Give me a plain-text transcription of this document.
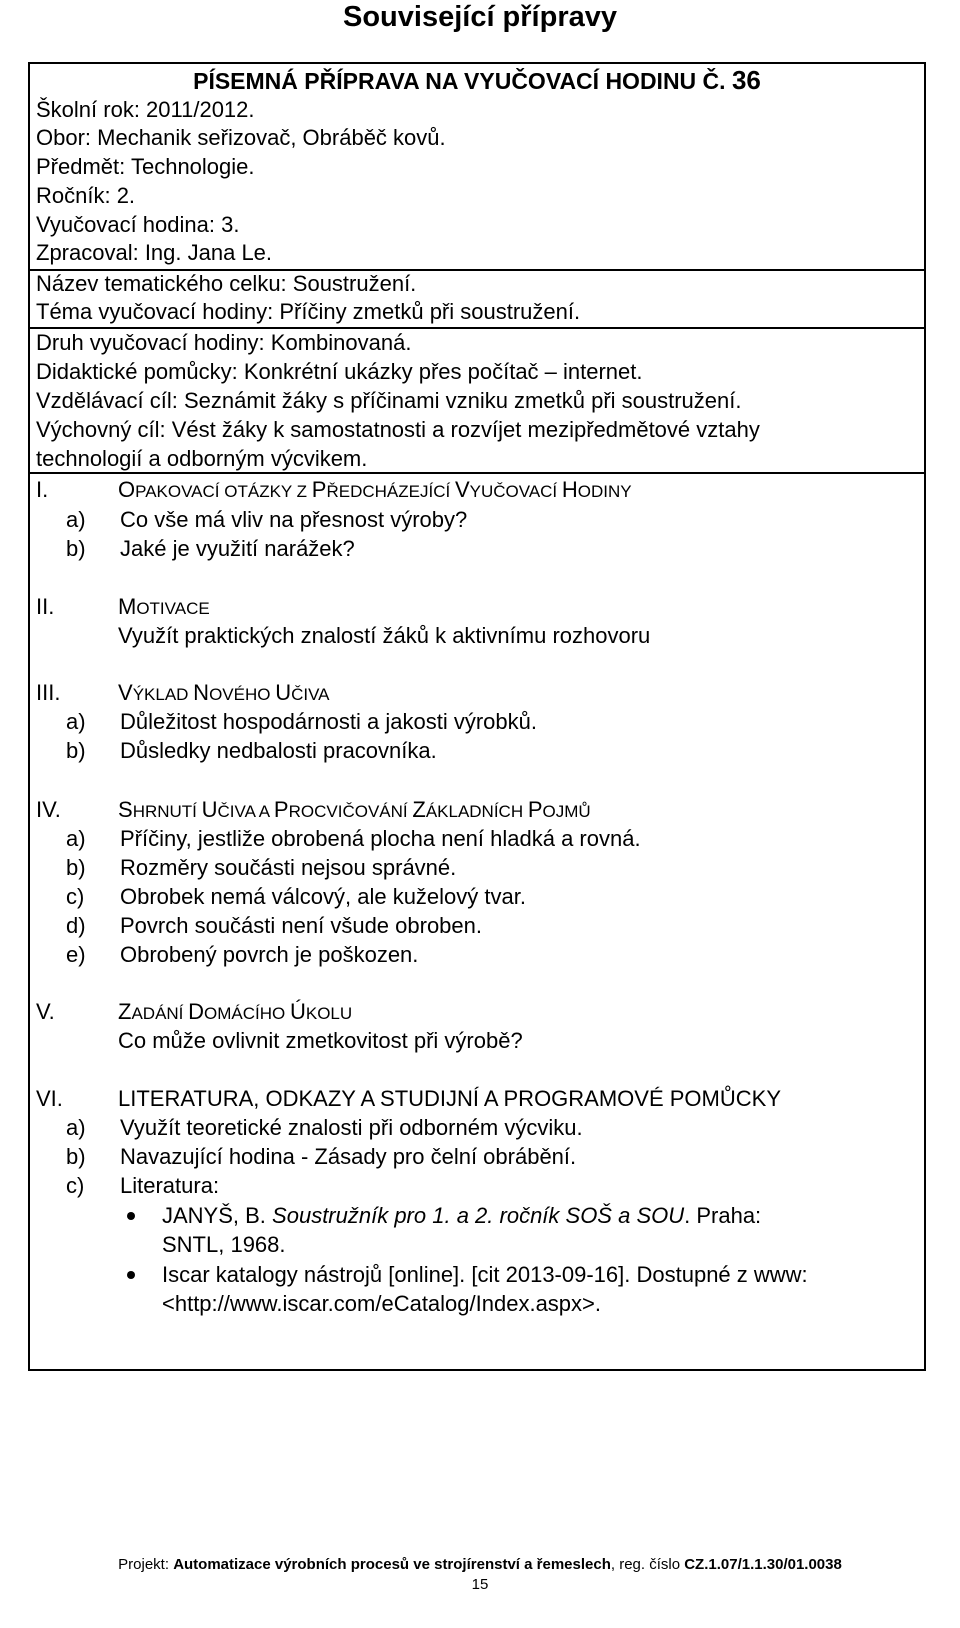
Související přípravy
PÍSEMNÁ PŘÍPRAVA NA VYUČOVACÍ HODINU Č. 36
Školní rok: 2011/2012.
Obor: Mechanik seřizovač, Obráběč kovů.
Předmět: Technologie.
Ročník: 2.
Vyučovací hodina: 3.
Zpracoval: Ing. Jana Le.
Název tematického celku: Soustružení.
Téma vyučovací hodiny: Příčiny zmetků při soustružení.
Druh vyučovací hodiny: Kombinovaná.
Didaktické pomůcky: Konkrétní ukázky přes počítač – internet.
Vzdělávací cíl: Seznámit žáky s příčinami vzniku zmetků při soustružení.
Výchovný cíl: Vést žáky k samostatnosti a rozvíjet mezipředmětové vztahy
technologií a odborným výcvikem.
I.	OPAKOVACÍ OTÁZKY Z PŘEDCHÁZEJÍCÍ VYUČOVACÍ HODINY
a) Co vše má vliv na přesnost výroby?
b) Jaké je využití narážek?
II.	MOTIVACE
Využít praktických znalostí žáků k aktivnímu rozhovoru
III.	VÝKLAD NOVÉHO UČIVA
a) Důležitost hospodárnosti a jakosti výrobků.
b) Důsledky nedbalosti pracovníka.
IV.	SHRNUTÍ UČIVA A PROCVIČOVÁNÍ ZÁKLADNÍCH POJMŮ
a) Příčiny, jestliže obrobená plocha není hladká a rovná.
b) Rozměry součásti nejsou správné.
c) Obrobek nemá válcový, ale kuželový tvar.
d) Povrch součásti není všude obroben.
e) Obrobený povrch je poškozen.
V.	ZADÁNÍ DOMÁCÍHO ÚKOLU
Co může ovlivnit zmetkovitost při výrobě?
VI.	LITERATURA, ODKAZY A STUDIJNÍ A PROGRAMOVÉ POMŮCKY
a) Využít teoretické znalosti při odborném výcviku.
b) Navazující hodina - Zásady pro čelní obrábění.
c) Literatura:
JANYŠ, B. Soustružník pro 1. a 2. ročník SOŠ a SOU. Praha:
SNTL, 1968.
Iscar katalogy nástrojů [online]. [cit 2013-09-16]. Dostupné z www:
<http://www.iscar.com/eCatalog/Index.aspx>.
Projekt: Automatizace výrobních procesů ve strojírenství a řemeslech, reg. číslo CZ.1.07/1.1.30/01.0038
15
